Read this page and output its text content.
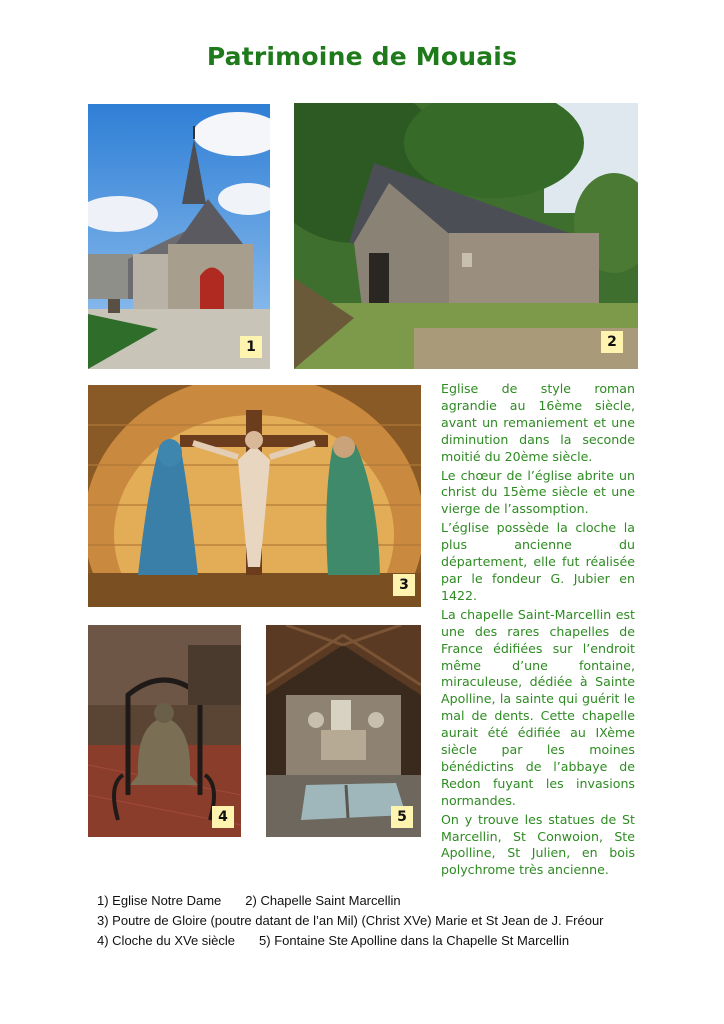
Patrimoine de Mouais
1	2
3
4	5

Eglise de style roman agrandie au 16ème siècle, avant un remaniement et une diminution dans la seconde moitié du 20ème siècle.

Le chœur de l’église abrite un christ du 15ème siècle et une vierge de l’assomption.

L’église possède la cloche la plus ancienne du département, elle fut réalisée par le fondeur G. Jubier en 1422.

La chapelle Saint-Marcellin est une des rares chapelles de France édifiées sur l’endroit même d’une fontaine, miraculeuse, dédiée à Sainte Apolline, la sainte qui guérit le mal de dents. Cette chapelle aurait été édifiée au IXème siècle par les moines bénédictins de l’abbaye de Redon fuyant les invasions normandes.

On y trouve les statues de St Marcellin, St Conwoion, Ste Apolline, St Julien, en bois polychrome très ancienne.

1) Eglise Notre Dame 2) Chapelle Saint Marcellin
3) Poutre de Gloire (poutre datant de l’an Mil) (Christ XVe) Marie et St Jean de J. Fréour
4) Cloche du XVe siècle 5) Fontaine Ste Apolline dans la Chapelle St Marcellin
